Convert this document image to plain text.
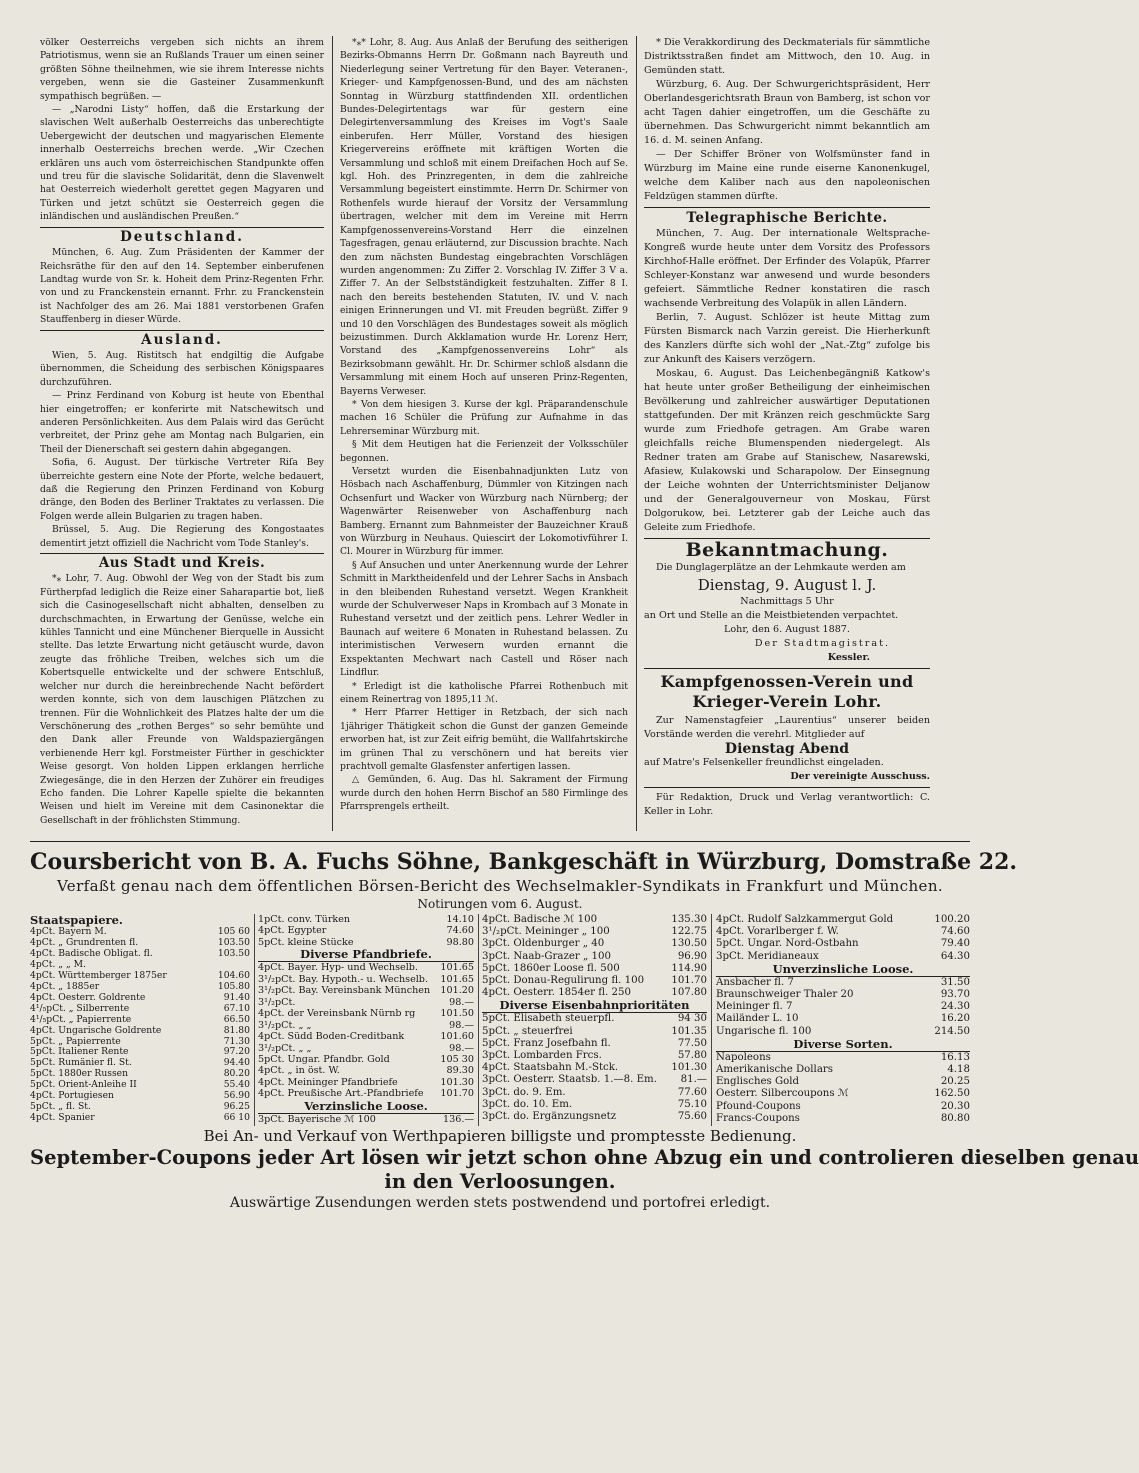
völker Oesterreichs vergeben sich nichts an ihrem Patriotismus, wenn sie an Rußlands Trauer um einen seiner größten Söhne theilnehmen, wie sie ihrem Interesse nichts vergeben, wenn sie die Gasteiner Zusammenkunft sympathisch begrüßen. —

— „Narodni Listy“ hoffen, daß die Erstarkung der slavischen Welt außerhalb Oesterreichs das unberechtigte Uebergewicht der deutschen und magyarischen Elemente innerhalb Oesterreichs brechen werde. „Wir Czechen erklären uns auch vom österreichischen Standpunkte offen und treu für die slavische Solidarität, denn die Slavenwelt hat Oesterreich wiederholt gerettet gegen Magyaren und Türken und jetzt schützt sie Oesterreich gegen die inländischen und ausländischen Preußen.“

Deutschland.

München, 6. Aug. Zum Präsidenten der Kammer der Reichsräthe für den auf den 14. September einberufenen Landtag wurde von Sr. k. Hoheit dem Prinz-Regenten Frhr. von und zu Franckenstein ernannt. Frhr. zu Franckenstein ist Nachfolger des am 26. Mai 1881 verstorbenen Grafen Stauffenberg in dieser Würde.

Ausland.

Wien, 5. Aug. Ristitsch hat endgiltig die Aufgabe übernommen, die Scheidung des serbischen Königspaares durchzuführen.

— Prinz Ferdinand von Koburg ist heute von Ebenthal hier eingetroffen; er konferirte mit Natschewitsch und anderen Persönlichkeiten. Aus dem Palais wird das Gerücht verbreitet, der Prinz gehe am Montag nach Bulgarien, ein Theil der Dienerschaft sei gestern dahin abgegangen.

Sofia, 6. August. Der türkische Vertreter Riſa Bey überreichte gestern eine Note der Pforte, welche bedauert, daß die Regierung den Prinzen Ferdinand von Koburg dränge, den Boden des Berliner Traktates zu verlassen. Die Folgen werde allein Bulgarien zu tragen haben.

Brüssel, 5. Aug. Die Regierung des Kongostaates dementirt jetzt offiziell die Nachricht vom Tode Stanley's.

Aus Stadt und Kreis.

*⁎ Lohr, 7. Aug. Obwohl der Weg von der Stadt bis zum Fürtherpfad lediglich die Reize einer Saharapartie bot, ließ sich die Casinogesellschaft nicht abhalten, denselben zu durchschmachten, in Erwartung der Genüsse, welche ein kühles Tannicht und eine Münchener Bierquelle in Aussicht stellte. Das letzte Erwartung nicht getäuscht wurde, davon zeugte das fröhliche Treiben, welches sich um die Kobertsquelle entwickelte und der schwere Entschluß, welcher nur durch die hereinbrechende Nacht befördert werden konnte, sich von dem lauschigen Plätzchen zu trennen. Für die Wohnlichkeit des Platzes halte der um die Verschönerung des „rothen Berges“ so sehr bemühte und den Dank aller Freunde von Waldspaziergängen verbienende Herr kgl. Forstmeister Fürther in geschickter Weise gesorgt. Von holden Lippen erklangen herrliche Zwiegesänge, die in den Herzen der Zuhörer ein freudiges Echo fanden. Die Lohrer Kapelle spielte die bekannten Weisen und hielt im Vereine mit dem Casinonektar die Gesellschaft in der fröhlichsten Stimmung.

*⁎* Lohr, 8. Aug. Aus Anlaß der Berufung des seitherigen Bezirks-Obmanns Herrn Dr. Goßmann nach Bayreuth und Niederlegung seiner Vertretung für den Bayer. Veteranen-, Krieger- und Kampfgenossen-Bund, und des am nächsten Sonntag in Würzburg stattfindenden XII. ordentlichen Bundes-Delegirtentags war für gestern eine Delegirtenversammlung des Kreises im Vogt's Saale einberufen. Herr Müller, Vorstand des hiesigen Kriegervereins eröffnete mit kräftigen Worten die Versammlung und schloß mit einem Dreifachen Hoch auf Se. kgl. Hoh. des Prinzregenten, in dem die zahlreiche Versammlung begeistert einstimmte. Herrn Dr. Schirmer von Rothenfels wurde hierauf der Vorsitz der Versammlung übertragen, welcher mit dem im Vereine mit Herrn Kampfgenossenvereins-Vorstand Herr die einzelnen Tagesfragen, genau erläuternd, zur Discussion brachte. Nach den zum nächsten Bundestag eingebrachten Vorschlägen wurden angenommen: Zu Ziffer 2. Vorschlag IV. Ziffer 3 V a. Ziffer 7. An der Selbstständigkeit festzuhalten. Ziffer 8 I. nach den bereits bestehenden Statuten, IV. und V. nach einigen Erinnerungen und VI. mit Freuden begrüßt. Ziffer 9 und 10 den Vorschlägen des Bundestages soweit als möglich beizustimmen. Durch Akklamation wurde Hr. Lorenz Herr, Vorstand des „Kampfgenossenvereins Lohr“ als Bezirksobmann gewählt. Hr. Dr. Schirmer schloß alsdann die Versammlung mit einem Hoch auf unseren Prinz-Regenten, Bayerns Verweser.

* Von dem hiesigen 3. Kurse der kgl. Präparandenschule machen 16 Schüler die Prüfung zur Aufnahme in das Lehrerseminar Würzburg mit.

§ Mit dem Heutigen hat die Ferienzeit der Volksschüler begonnen.

Versetzt wurden die Eisenbahnadjunkten Lutz von Hösbach nach Aschaffenburg, Dümmler von Kitzingen nach Ochsenfurt und Wacker von Würzburg nach Nürnberg; der Wagenwärter Reisenweber von Aschaffenburg nach Bamberg. Ernannt zum Bahnmeister der Bauzeichner Krauß von Würzburg in Neuhaus. Quiescirt der Lokomotivführer I. Cl. Mourer in Würzburg für immer.

§ Auf Ansuchen und unter Anerkennung wurde der Lehrer Schmitt in Marktheidenfeld und der Lehrer Sachs in Ansbach in den bleibenden Ruhestand versetzt. Wegen Krankheit wurde der Schulverweser Naps in Krombach auf 3 Monate in Ruhestand versetzt und der zeitlich pens. Lehrer Wedler in Baunach auf weitere 6 Monaten in Ruhestand belassen. Zu interimistischen Verwesern wurden ernannt die Exspektanten Mechwart nach Castell und Röser nach Lindflur.

* Erledigt ist die katholische Pfarrei Rothenbuch mit einem Reinertrag von 1895,11 ℳ.

* Herr Pfarrer Hettiger in Retzbach, der sich nach 1jähriger Thätigkeit schon die Gunst der ganzen Gemeinde erworben hat, ist zur Zeit eifrig bemüht, die Wallfahrtskirche im grünen Thal zu verschönern und hat bereits vier prachtvoll gemalte Glasfenster anfertigen lassen.

△ Gemünden, 6. Aug. Das hl. Sakrament der Firmung wurde durch den hohen Herrn Bischof an 580 Firmlinge des Pfarrsprengels ertheilt.

* Die Verakkordirung des Deckmaterials für sämmtliche Distriktsstraßen findet am Mittwoch, den 10. Aug. in Gemünden statt.

Würzburg, 6. Aug. Der Schwurgerichtspräsident, Herr Oberlandesgerichtsrath Braun von Bamberg, ist schon vor acht Tagen dahier eingetroffen, um die Geschäfte zu übernehmen. Das Schwurgericht nimmt bekanntlich am 16. d. M. seinen Anfang.

— Der Schiffer Bröner von Wolfsmünster fand in Würzburg im Maine eine runde eiserne Kanonenkugel, welche dem Kaliber nach aus den napoleonischen Feldzügen stammen dürfte.

Telegraphische Berichte.

München, 7. Aug. Der internationale Weltsprache-Kongreß wurde heute unter dem Vorsitz des Professors Kirchhof-Halle eröffnet. Der Erfinder des Volapük, Pfarrer Schleyer-Konstanz war anwesend und wurde besonders gefeiert. Sämmtliche Redner konstatiren die rasch wachsende Verbreitung des Volapük in allen Ländern.

Berlin, 7. August. Schlözer ist heute Mittag zum Fürsten Bismarck nach Varzin gereist. Die Hierherkunft des Kanzlers dürfte sich wohl der „Nat.-Ztg“ zufolge bis zur Ankunft des Kaisers verzögern.

Moskau, 6. August. Das Leichenbegängniß Katkow's hat heute unter großer Betheiligung der einheimischen Bevölkerung und zahlreicher auswärtiger Deputationen stattgefunden. Der mit Kränzen reich geschmückte Sarg wurde zum Friedhofe getragen. Am Grabe waren gleichfalls reiche Blumenspenden niedergelegt. Als Redner traten am Grabe auf Stanischew, Nasarewski, Afasiew, Kulakowski und Scharapolow. Der Einsegnung der Leiche wohnten der Unterrichtsminister Deljanow und der Generalgouverneur von Moskau, Fürst Dolgorukow, bei. Letzterer gab der Leiche auch das Geleite zum Friedhofe.

Bekanntmachung.

Die Dunglagerplätze an der Lehmkaute werden am

Dienstag, 9. August l. J.
Nachmittags 5 Uhr

an Ort und Stelle an die Meistbietenden verpachtet.

Lohr, den 6. August 1887.
Der Stadtmagistrat.
Kessler.
Kampfgenossen-Verein und Krieger-Verein Lohr.

Zur Namenstagfeier „Laurentius“ unserer beiden Vorstände werden die verehrl. Mitglieder auf

Dienstag Abend

auf Matre's Felsenkeller freundlichst eingeladen.

Der vereinigte Ausschuss.

Für Redaktion, Druck und Verlag verantwortlich: C. Keller in Lohr.

Coursbericht von B. A. Fuchs Söhne, Bankgeschäft in Würzburg, Domstraße 22.
Verfaßt genau nach dem öffentlichen Börsen-Bericht des Wechselmakler-Syndikats in Frankfurt und München.
Notirungen vom 6. August.
Staatspapiere.
4pCt. Bayern M.	105 60
4pCt. „ Grundrenten fl.	103.50
4pCt. Badische Obligat. fl.	103.50
4pCt. „ „ M.
4pCt. Württemberger 1875er	104.60
4pCt. „ 1885er	105.80
4pCt. Oesterr. Goldrente	91.40
4¹/₅pCt. „ Silberrente	67.10
4¹/₅pCt. „ Papierrente	66.50
4pCt. Ungarische Goldrente	81.80
5pCt. „ Papierrente	71.30
5pCt. Italiener Rente	97.20
5pCt. Rumänier fl. St.	94.40
5pCt. 1880er Russen	80.20
5pCt. Orient-Anleihe II	55.40
4pCt. Portugiesen	56.90
5pCt. „ fl. St.	96.25
4pCt. Spanier	66 10
1pCt. conv. Türken	14.10
4pCt. Egypter	74.60
5pCt. kleine Stücke	98.80
Diverse Pfandbriefe.
4pCt. Bayer. Hyp- und Wechselb.	101.65
3¹/₂pCt. Bay. Hypoth.- u. Wechselb.	101.65
3¹/₂pCt. Bay. Vereinsbank München	101.20
3¹/₂pCt.	98.—
4pCt. der Vereinsbank Nürnb rg	101.50
3¹/₂pCt. „ „	98.—
4pCt. Südd Boden-Creditbank	101.60
3¹/₂pCt. „ „	98.—
5pCt. Ungar. Pfandbr. Gold	105 30
4pCt. „ in öst. W.	89.30
4pCt. Meininger Pfandbriefe	101.30
4pCt. Preußische Art.-Pfandbriefe	101.70
Verzinsliche Loose.
3pCt. Bayerische ℳ 100	136.—
4pCt. Badische ℳ 100	135.30
3¹/₂pCt. Meininger „ 100	122.75
3pCt. Oldenburger „ 40	130.50
3pCt. Naab-Grazer „ 100	96.90
5pCt. 1860er Loose fl. 500	114.90
5pCt. Donau-Regulirung fl. 100	101.70
4pCt. Oesterr. 1854er fl. 250	107.80
Diverse Eisenbahnprioritäten
5pCt. Elisabeth steuerpfl.	94 30
5pCt. „ steuerfrei	101.35
5pCt. Franz Josefbahn fl.	77.50
3pCt. Lombarden Frcs.	57.80
4pCt. Staatsbahn M.-Stck.	101.30
3pCt. Oesterr. Staatsb. 1.—8. Em.	81.—
3pCt. do. 9. Em.	77.60
3pCt. do. 10. Em.	75.10
3pCt. do. Ergänzungsnetz	75.60
4pCt. Rudolf Salzkammergut Gold	100.20
4pCt. Vorarlberger f. W.	74.60
5pCt. Ungar. Nord-Ostbahn	79.40
3pCt. Meridianeaux	64.30
Unverzinsliche Loose.
Ansbacher fl. 7	31.50
Braunschweiger Thaler 20	93.70
Meininger fl. 7	24.30
Mailänder L. 10	16.20
Ungarische fl. 100	214.50
Diverse Sorten.
Napoleons	16.13
Amerikanische Dollars	4.18
Englisches Gold	20.25
Oesterr. Silbercoupons ℳ	162.50
Pfound-Coupons	20.30
Francs-Coupons	80.80
Bei An- und Verkauf von Werthpapieren billigste und promptesste Bedienung.
September-Coupons jeder Art lösen wir jetzt schon ohne Abzug ein und controlieren dieselben genau
in den Verloosungen.
Auswärtige Zusendungen werden stets postwendend und portofrei erledigt.
